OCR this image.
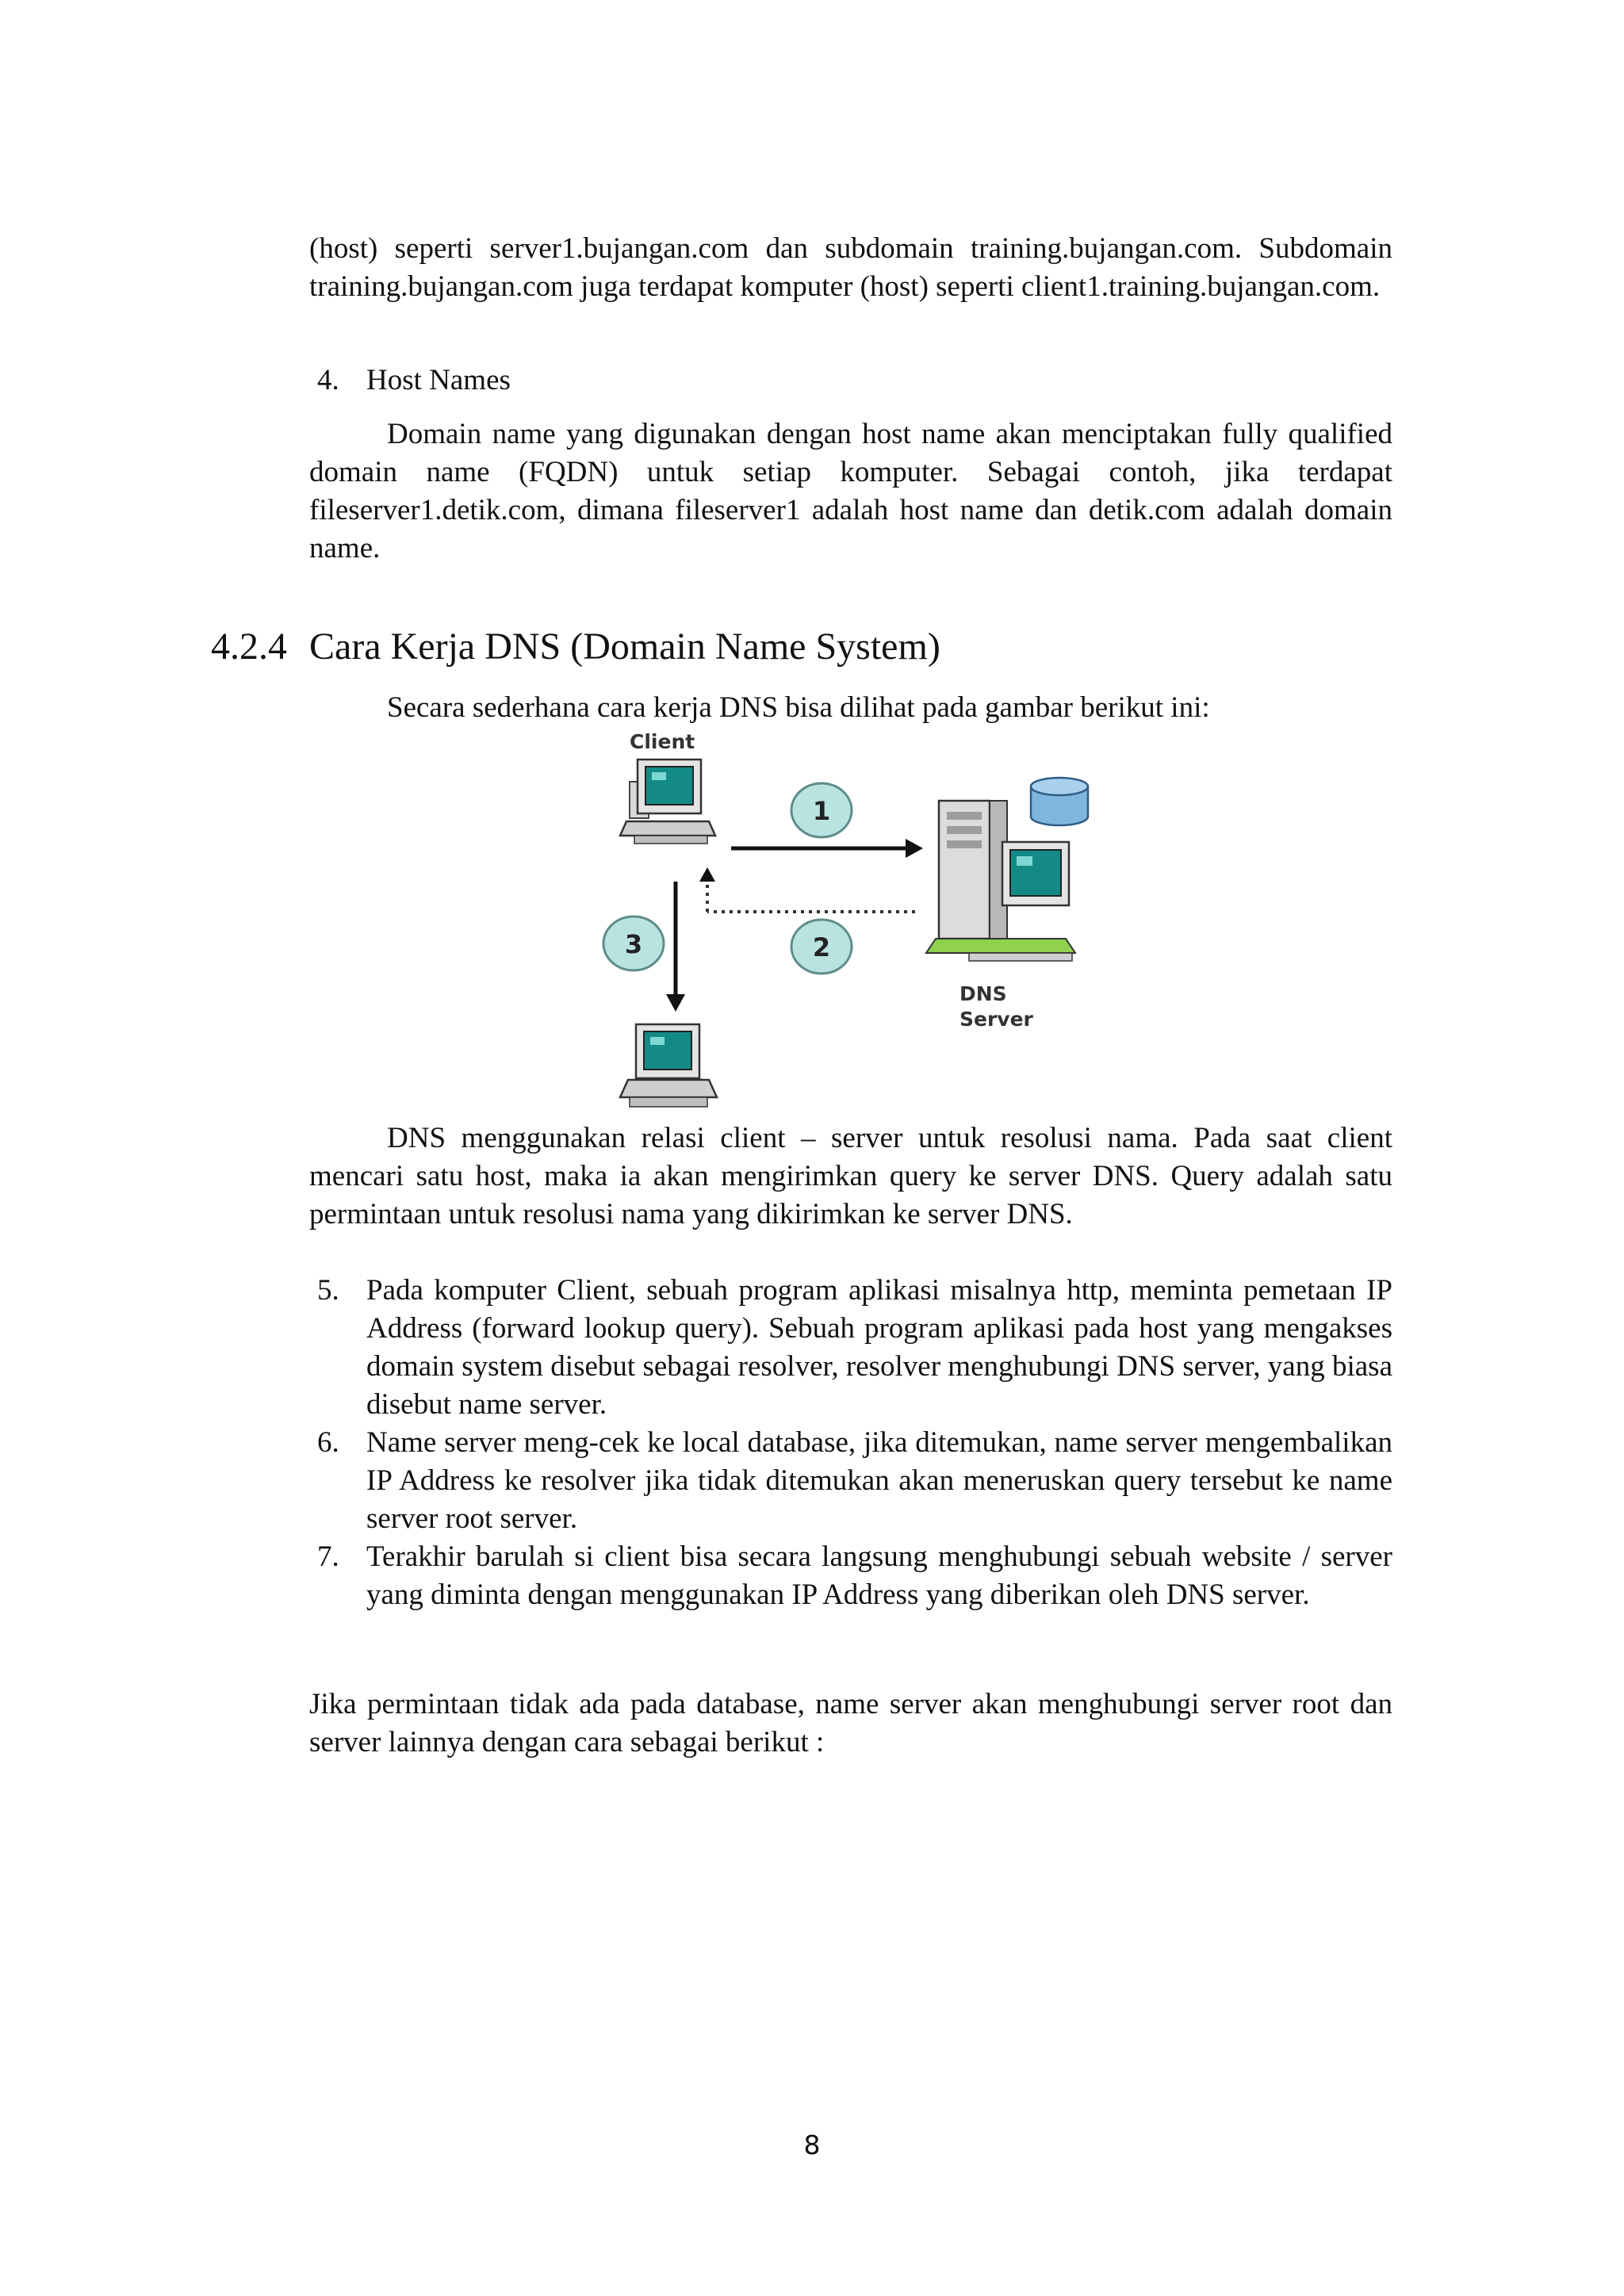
(host) seperti server1.bujangan.com dan subdomain training.bujangan.com. Subdomain training.bujangan.com juga terdapat komputer (host) seperti client1.training.bujangan.com.

4. Host Names

Domain name yang digunakan dengan host name akan menciptakan fully qualified domain name (FQDN) untuk setiap komputer. Sebagai contoh, jika terdapat fileserver1.detik.com, dimana fileserver1 adalah host name dan detik.com adalah domain name.

4.2.4 Cara Kerja DNS (Domain Name System)

Secara sederhana cara kerja DNS bisa dilihat pada gambar berikut ini:

Client
1
2
3
DNS
Server

DNS menggunakan relasi client – server untuk resolusi nama. Pada saat client mencari satu host, maka ia akan mengirimkan query ke server DNS. Query adalah satu permintaan untuk resolusi nama yang dikirimkan ke server DNS.

5. Pada komputer Client, sebuah program aplikasi misalnya http, meminta pemetaan IP Address (forward lookup query). Sebuah program aplikasi pada host yang mengakses domain system disebut sebagai resolver, resolver menghubungi DNS server, yang biasa disebut name server.
6. Name server meng-cek ke local database, jika ditemukan, name server mengembalikan IP Address ke resolver jika tidak ditemukan akan meneruskan query tersebut ke name server root server.
7. Terakhir barulah si client bisa secara langsung menghubungi sebuah website / server yang diminta dengan menggunakan IP Address yang diberikan oleh DNS server.

Jika permintaan tidak ada pada database, name server akan menghubungi server root dan server lainnya dengan cara sebagai berikut :

8
